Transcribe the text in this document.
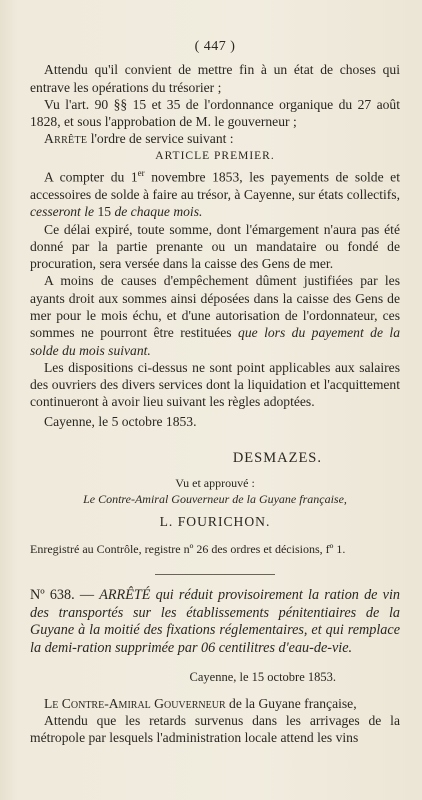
( 447 )

Attendu qu'il convient de mettre fin à un état de choses qui entrave les opérations du trésorier ;

Vu l'art. 90 §§ 15 et 35 de l'ordonnance organique du 27 août 1828, et sous l'approbation de M. le gouverneur ;

Arrête l'ordre de service suivant :

ARTICLE PREMIER.

A compter du 1er novembre 1853, les payements de solde et accessoires de solde à faire au trésor, à Cayenne, sur états collectifs, cesseront le 15 de chaque mois.

Ce délai expiré, toute somme, dont l'émargement n'aura pas été donné par la partie prenante ou un mandataire ou fondé de procuration, sera versée dans la caisse des Gens de mer.

A moins de causes d'empêchement dûment justifiées par les ayants droit aux sommes ainsi déposées dans la caisse des Gens de mer pour le mois échu, et d'une autorisation de l'ordonnateur, ces sommes ne pourront être restituées que lors du payement de la solde du mois suivant.

Les dispositions ci-dessus ne sont point applicables aux salaires des ouvriers des divers services dont la liquidation et l'acquittement continueront à avoir lieu suivant les règles adoptées.

Cayenne, le 5 octobre 1853.

DESMAZES.
Vu et approuvé :
Le Contre-Amiral Gouverneur de la Guyane française,
L. FOURICHON.

Enregistré au Contrôle, registre nº 26 des ordres et décisions, fº 1.

Nº 638. — ARRÊTÉ qui réduit provisoirement la ration de vin des transportés sur les établissements pénitentiaires de la Guyane à la moitié des fixations réglementaires, et qui remplace la demi-ration supprimée par 06 centilitres d'eau-de-vie.

Cayenne, le 15 octobre 1853.

Le Contre-Amiral Gouverneur de la Guyane française,

Attendu que les retards survenus dans les arrivages de la métropole par lesquels l'administration locale attend les vins
